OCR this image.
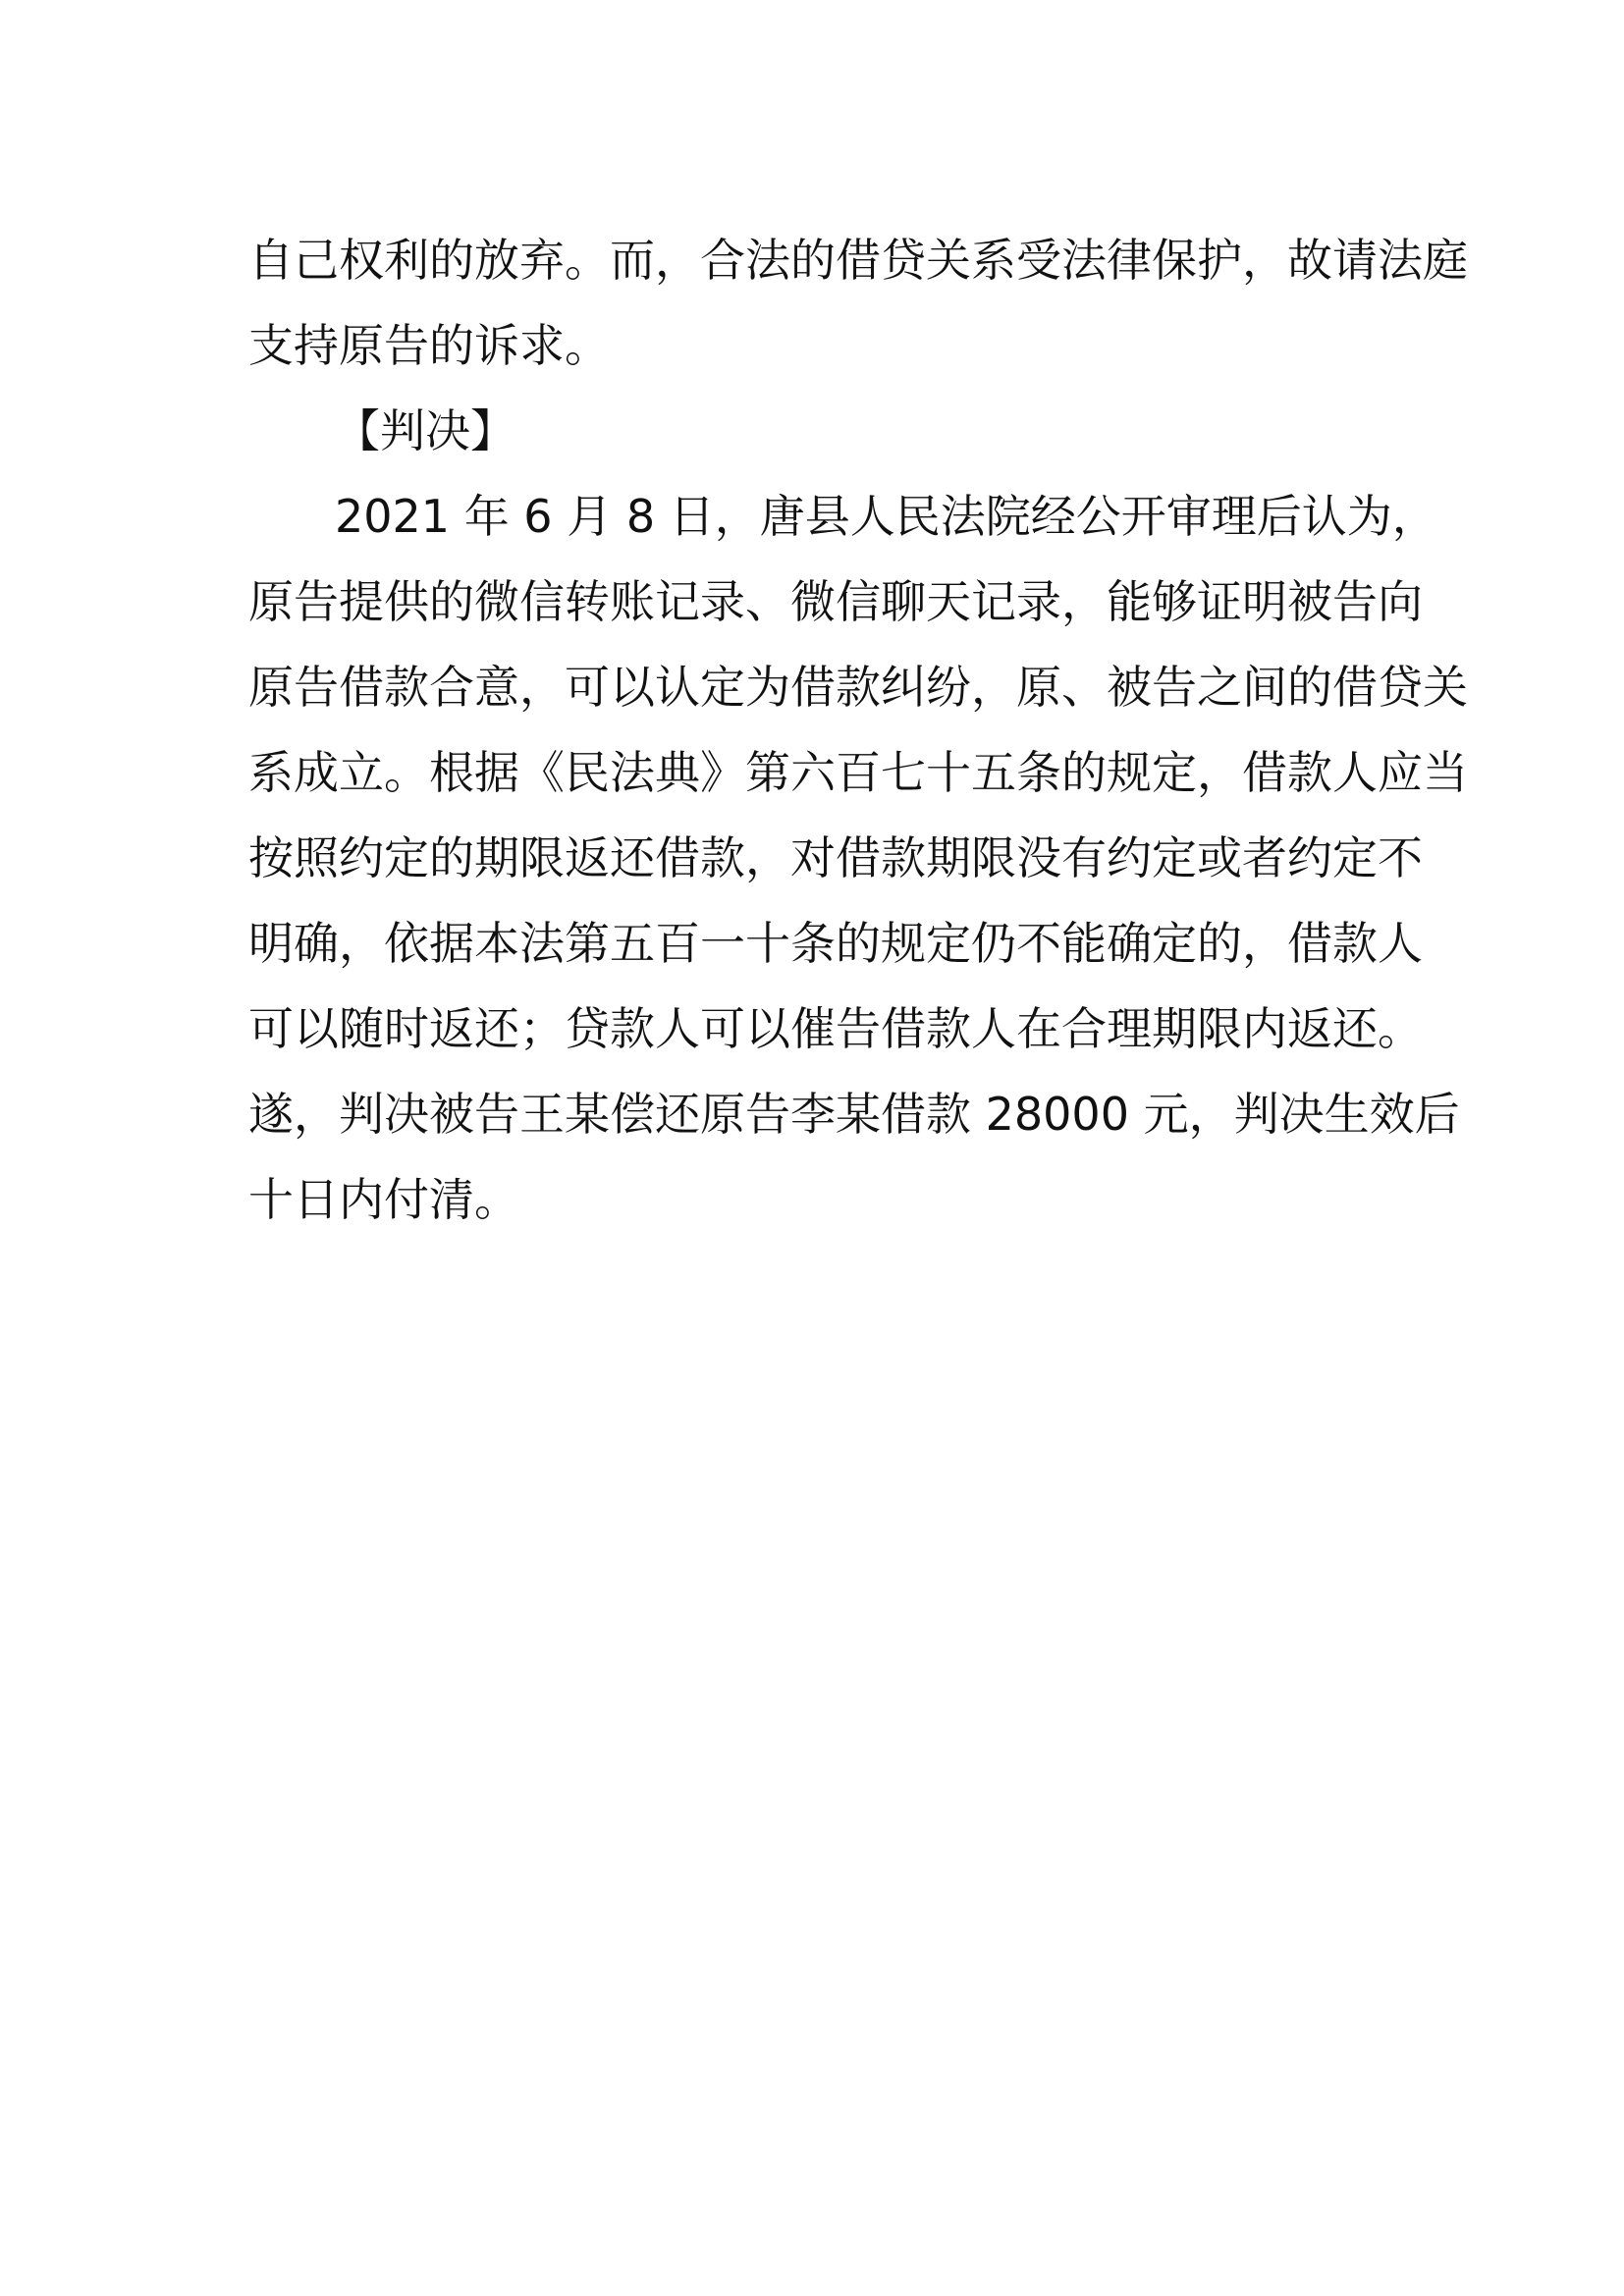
自己权利的放弃。而，合法的借贷关系受法律保护，故请法庭
支持原告的诉求。
【判决】
2021 年 6 月 8 日，唐县人民法院经公开审理后认为，
原告提供的微信转账记录、微信聊天记录，能够证明被告向
原告借款合意，可以认定为借款纠纷，原、被告之间的借贷关
系成立。根据《民法典》第六百七十五条的规定，借款人应当
按照约定的期限返还借款，对借款期限没有约定或者约定不
明确，依据本法第五百一十条的规定仍不能确定的，借款人
可以随时返还；贷款人可以催告借款人在合理期限内返还。
遂，判决被告王某偿还原告李某借款 28000 元，判决生效后
十日内付清。
